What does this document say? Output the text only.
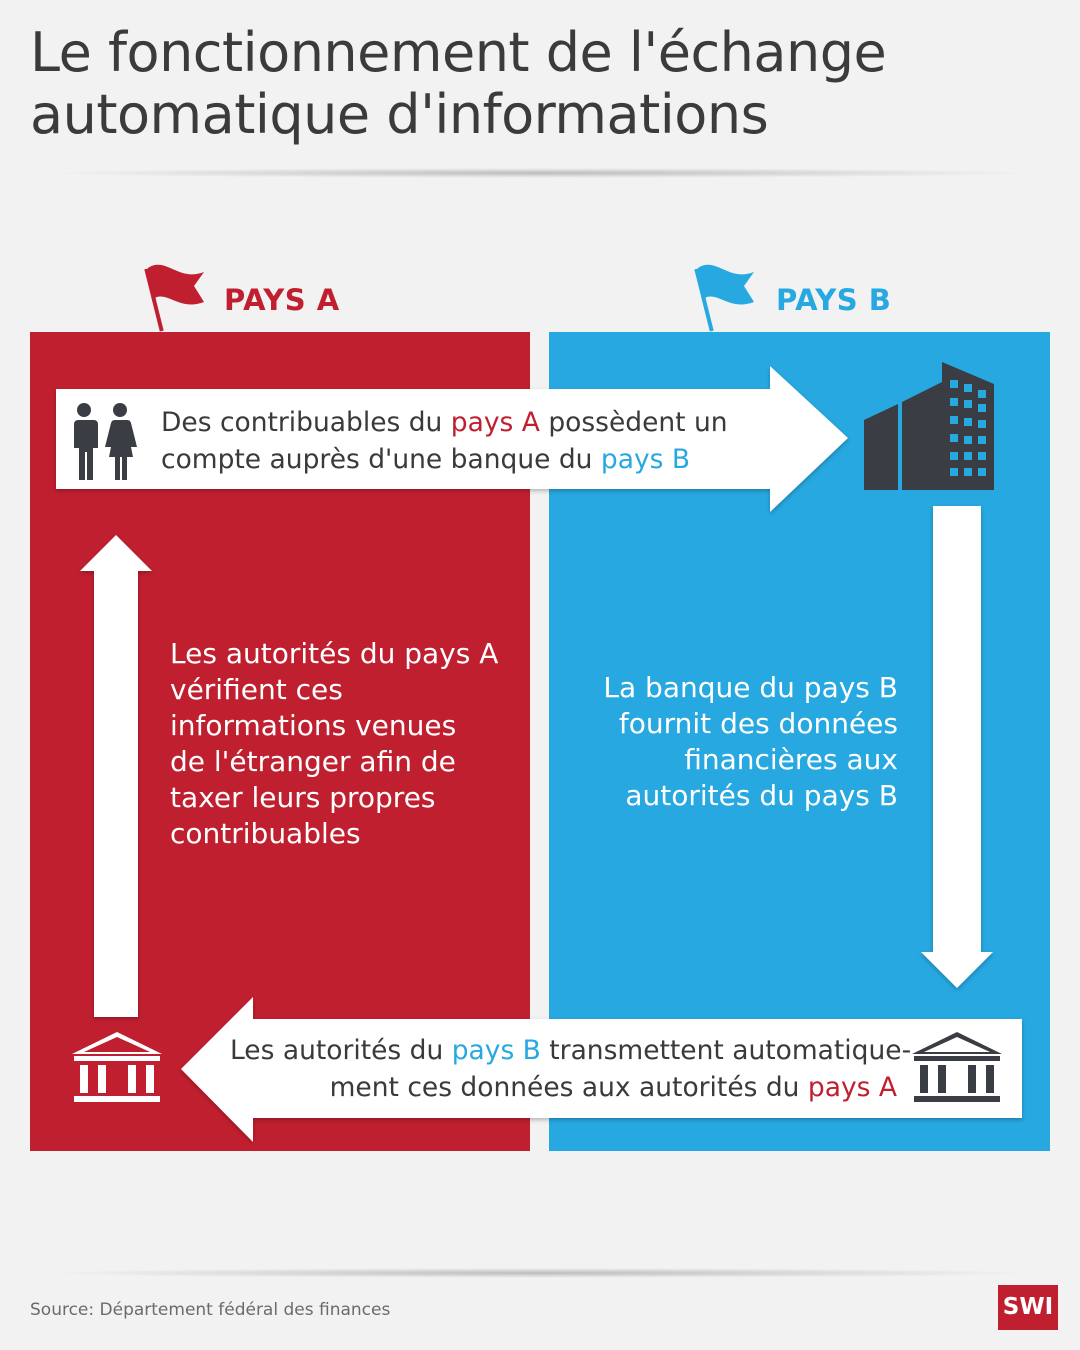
Le fonctionnement de l'échange
automatique d'informations
PAYS A	PAYS B
Des contribuables du pays A possèdent un
compte auprès d'une banque du pays B
La banque du pays B
fournit des données
financières aux
autorités du pays B
Les autorités du pays B transmettent automatique-
ment ces données aux autorités du pays A
Les autorités du pays A
vérifient ces
informations venues
de l'étranger afin de
taxer leurs propres
contribuables
Source: Département fédéral des finances	SWI
